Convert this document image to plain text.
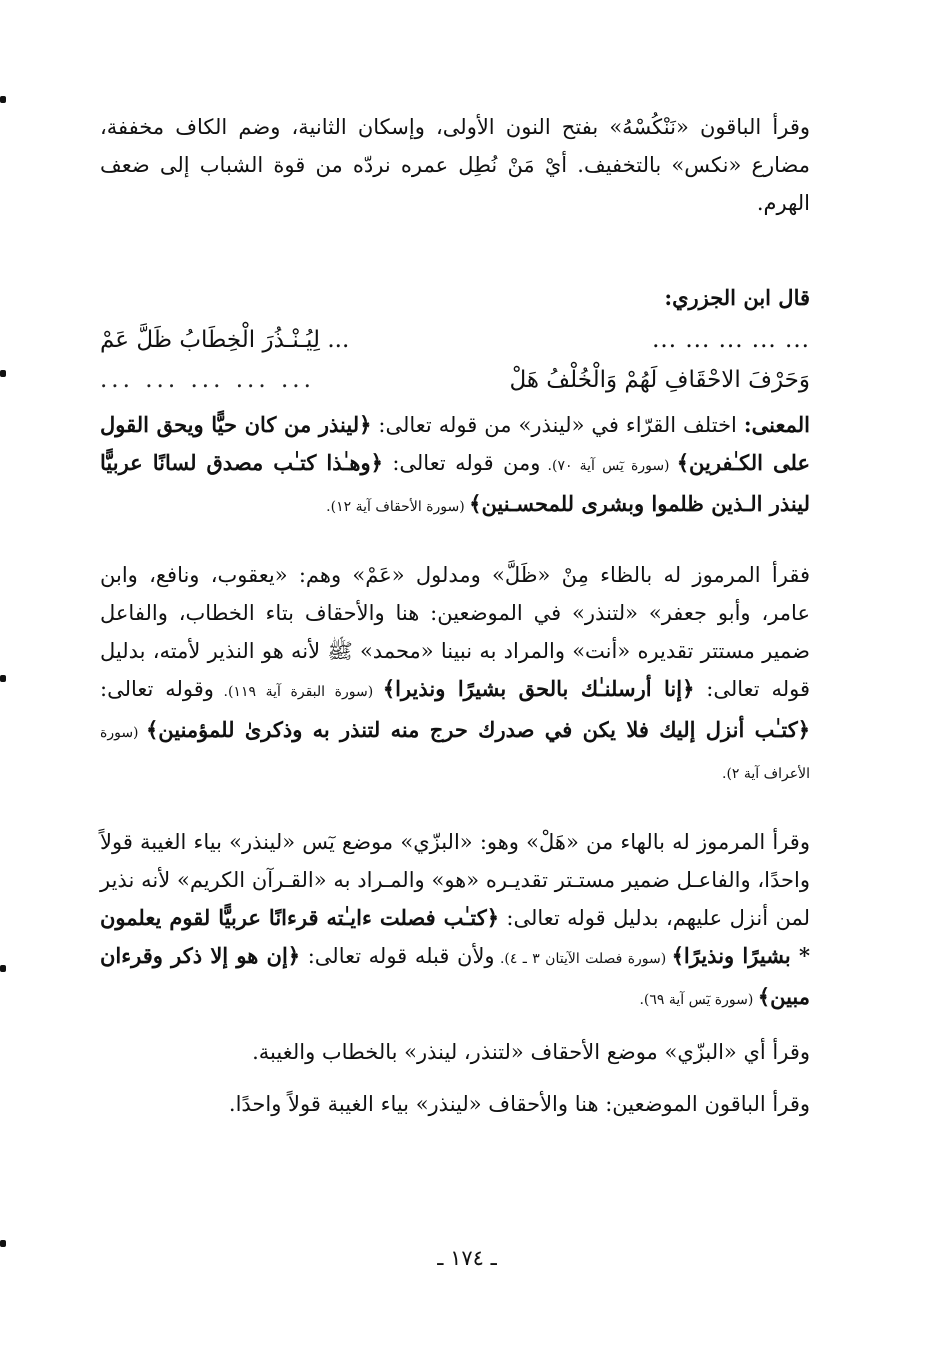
وقرأ الباقون «نَنْكُسْهُ» بفتح النون الأولى، وإسكان الثانية، وضم الكاف مخففة، مضارع «نكس» بالتخفيف. أيْ مَنْ نُطِل عمره نردّه من قوة الشباب إلى ضعف الهرم.

قال ابن الجزري:

... ... ... ... ...
... لِيُـنْـذُرَ الْخِطَابُ ظَلَّ عَمْ
وَحَرْفَ الاحْقَافِ لَهُمْ وَالْخُلْفُ هَلْ
... ... ... ... ...

المعنى: اختلف القرّاء في «لينذر» من قوله تعالى: ﴿لينذر من كان حيًّا ويحق القول على الكـٰفرين﴾ (سورة يٓس آية ٧٠). ومن قوله تعالى: ﴿وهـٰذا كتـٰب مصدق لسانًا عربيًّا لينذر الـذين ظلموا وبشرى للمحسـنين﴾ (سورة الأحقاف آية ١٢).

فقرأ المرموز له بالظاء مِنْ «ظَلَّ» ومدلول «عَمْ» وهم: «يعقوب، ونافع، وابن عامر، وأبو جعفر» «لتنذر» في الموضعين: هنا والأحقاف بتاء الخطاب، والفاعل ضمير مستتر تقديره «أنت» والمراد به نبينا «محمد» ﷺ لأنه هو النذير لأمته، بدليل قوله تعالى: ﴿إنا أرسلنـٰك بالحق بشيرًا ونذيرا﴾ (سورة البقرة آية ١١٩). وقوله تعالى: ﴿كتـٰب أنزل إليك فلا يكن في صدرك حرج منه لتنذر به وذكرىٰ للمؤمنين﴾ (سورة الأعراف آية ٢).

وقرأ المرموز له بالهاء من «هَلْ» وهو: «البزّي» موضع يٓس «لينذر» بياء الغيبة قولاً واحدًا، والفاعـل ضمير مستـتر تقديـره «هو» والمـراد به «القـرآن الكريم» لأنه نذير لمن أنزل عليهم، بدليل قوله تعالى: ﴿كتـٰب فصلت ءايـٰته قرءانًا عربيًّا لقوم يعلمون * بشيرًا ونذيرًا﴾ (سورة فصلت الآيتان ٣ ـ ٤). ولأن قبله قوله تعالى: ﴿إن هو إلا ذكر وقرءان مبين﴾ (سورة يٓس آية ٦٩).

وقرأ أي «البزّي» موضع الأحقاف «لتنذر، لينذر» بالخطاب والغيبة.

وقرأ الباقون الموضعين: هنا والأحقاف «لينذر» بياء الغيبة قولاً واحدًا.

ـ ١٧٤ ـ
